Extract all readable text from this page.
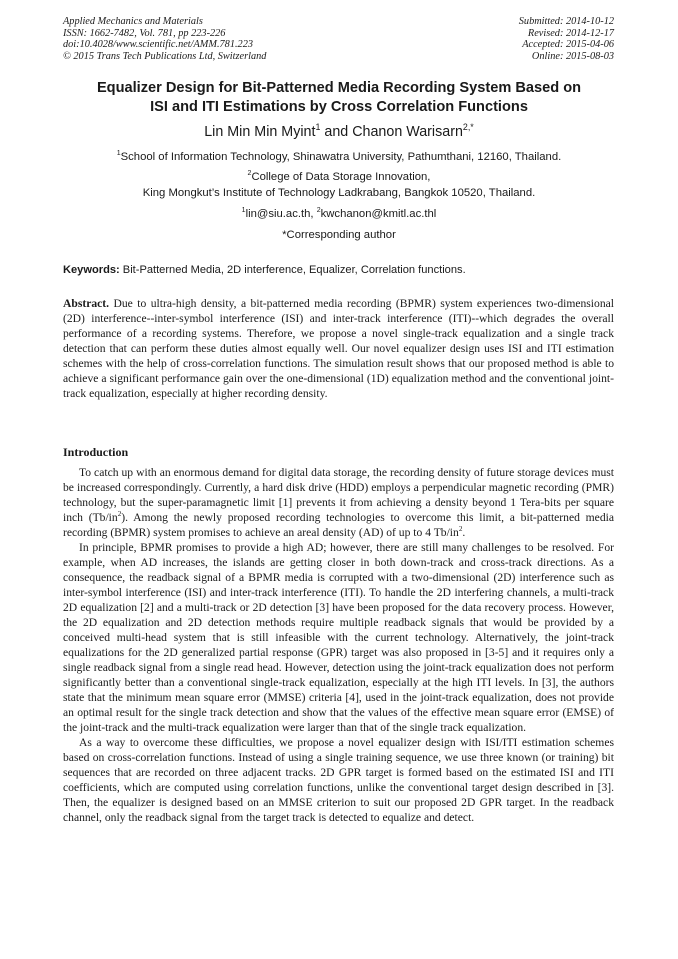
Applied Mechanics and Materials
ISSN: 1662-7482, Vol. 781, pp 223-226
doi:10.4028/www.scientific.net/AMM.781.223
© 2015 Trans Tech Publications Ltd, Switzerland
Submitted: 2014-10-12
Revised: 2014-12-17
Accepted: 2015-04-06
Online: 2015-08-03
Equalizer Design for Bit-Patterned Media Recording System Based on
ISI and ITI Estimations by Cross Correlation Functions
Lin Min Min Myint$^1$ and Chanon Warisarn$^{2,*}$
$^1$School of Information Technology, Shinawatra University, Pathumthani, 12160, Thailand.
$^2$College of Data Storage Innovation,
King Mongkut’s Institute of Technology Ladkrabang, Bangkok 10520, Thailand.
$^1$lin@siu.ac.th, $^2$kwchanon@kmitl.ac.thl
*Corresponding author
Keywords: Bit-Patterned Media, 2D interference, Equalizer, Correlation functions.

Abstract. Due to ultra-high density, a bit-patterned media recording (BPMR) system experiences two-dimensional (2D) interference--inter-symbol interference (ISI) and inter-track interference (ITI)--which degrades the overall performance of a recording systems. Therefore, we propose a novel single-track equalization and a single track detection that can perform these duties almost equally well. Our novel equalizer design uses ISI and ITI estimation schemes with the help of cross-correlation functions. The simulation result shows that our proposed method is able to achieve a significant performance gain over the one-dimensional (1D) equalization method and the conventional joint-track equalization, especially at higher recording density.

Introduction

To catch up with an enormous demand for digital data storage, the recording density of future storage devices must be increased correspondingly. Currently, a hard disk drive (HDD) employs a perpendicular magnetic recording (PMR) technology, but the super-paramagnetic limit [1] prevents it from achieving a density beyond 1 Tera-bits per square inch $(Tb/in^2)$. Among the newly proposed recording technologies to overcome this limit, a bit-patterned media recording (BPMR) system promises to achieve an areal density (AD) of up to 4 $Tb/in^2$.

In principle, BPMR promises to provide a high AD; however, there are still many challenges to be resolved. For example, when AD increases, the islands are getting closer in both down-track and cross-track directions. As a consequence, the readback signal of a BPMR media is corrupted with a two-dimensional (2D) interference such as inter-symbol interference (ISI) and inter-track interference (ITI). To handle the 2D interfering channels, a multi-track 2D equalization [2] and a multi-track or 2D detection [3] have been proposed for the data recovery process. However, the 2D equalization and 2D detection methods require multiple readback signals that would be provided by a conceived multi-head system that is still infeasible with the current technology. Alternatively, the joint-track equalizations for the 2D generalized partial response (GPR) target was also proposed in [3-5] and it requires only a single readback signal from a single read head. However, detection using the joint-track equalization does not perform significantly better than a conventional single-track equalization, especially at the high ITI levels. In [3], the authors state that the minimum mean square error (MMSE) criteria [4], used in the joint-track equalization, does not provide an optimal result for the single track detection and show that the values of the effective mean square error (EMSE) of the joint-track and the multi-track equalization were larger than that of the single track equalization.

As a way to overcome these difficulties, we propose a novel equalizer design with ISI/ITI estimation schemes based on cross-correlation functions. Instead of using a single training sequence, we use three known (or training) bit sequences that are recorded on three adjacent tracks. 2D GPR target is formed based on the estimated ISI and ITI coefficients, which are computed using correlation functions, unlike the conventional target design described in [3]. Then, the equalizer is designed based on an MMSE criterion to suit our proposed 2D GPR target. In the readback channel, only the readback signal from the target track is detected to equalize and detect.
